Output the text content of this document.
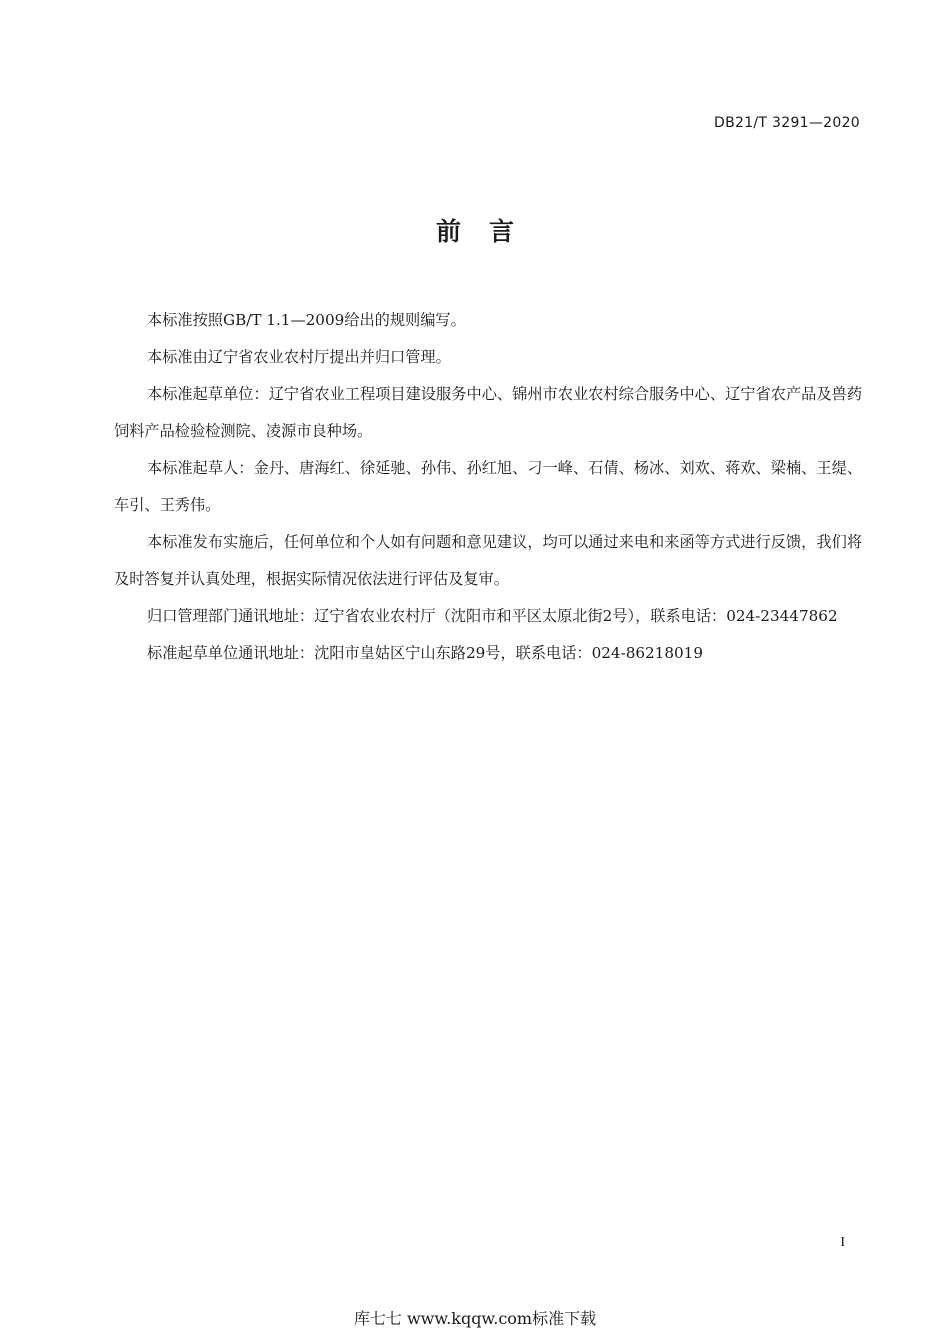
DB21/T 3291—2020
前言

本标准按照GB/T 1.1—2009给出的规则编写。

本标准由辽宁省农业农村厅提出并归口管理。

本标准起草单位：辽宁省农业工程项目建设服务中心、锦州市农业农村综合服务中心、辽宁省农产品及兽药饲料产品检验检测院、凌源市良种场。

本标准起草人：金丹、唐海红、徐延驰、孙伟、孙红旭、刁一峰、石倩、杨冰、刘欢、蒋欢、梁楠、王缇、车引、王秀伟。

本标准发布实施后，任何单位和个人如有问题和意见建议，均可以通过来电和来函等方式进行反馈，我们将及时答复并认真处理，根据实际情况依法进行评估及复审。

归口管理部门通讯地址：辽宁省农业农村厅（沈阳市和平区太原北街2号），联系电话：024-23447862

标准起草单位通讯地址：沈阳市皇姑区宁山东路29号，联系电话：024-86218019

I
库七七 www.kqqw.com标准下载
